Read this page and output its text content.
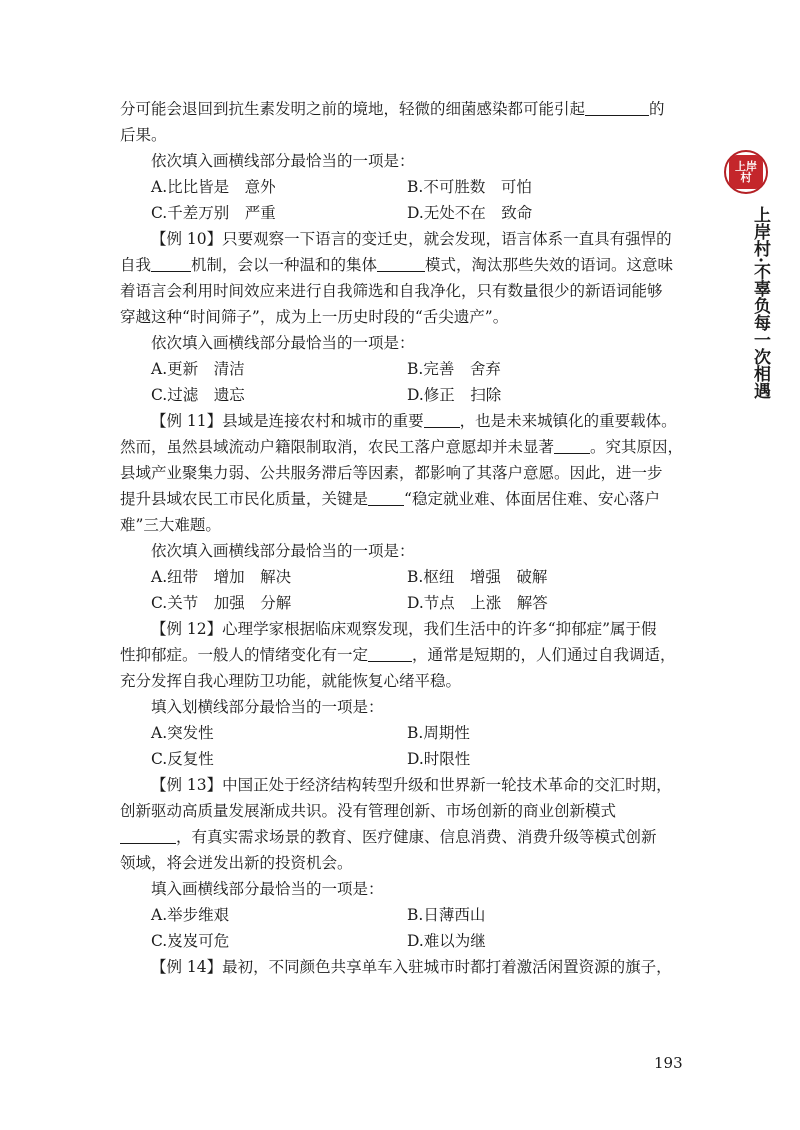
分可能会退回到抗生素发明之前的境地，轻微的细菌感染都可能引起	的
后果。
依次填入画横线部分最恰当的一项是：
A.比比皆是　意外	B.不可胜数　可怕
C.千差万别　严重	D.无处不在　致命
【例 10】只要观察一下语言的变迁史，就会发现，语言体系一直具有强悍的
自我	机制，会以一种温和的集体	模式，淘汰那些失效的语词。这意味
着语言会利用时间效应来进行自我筛选和自我净化，只有数量很少的新语词能够
穿越这种“时间筛子”，成为上一历史时段的“舌尖遗产”。
依次填入画横线部分最恰当的一项是：
A.更新　清洁	B.完善　舍弃
C.过滤　遗忘	D.修正　扫除
【例 11】县域是连接农村和城市的重要 ，也是未来城镇化的重要载体。
然而，虽然县域流动户籍限制取消，农民工落户意愿却并未显著 。究其原因，
县域产业聚集力弱、公共服务滞后等因素，都影响了其落户意愿。因此，进一步
提升县域农民工市民化质量，关键是 “稳定就业难、体面居住难、安心落户
难”三大难题。
依次填入画横线部分最恰当的一项是：
A.纽带　增加　解决	B.枢纽　增强　破解
C.关节　加强　分解	D.节点　上涨　解答
【例 12】心理学家根据临床观察发现，我们生活中的许多“抑郁症”属于假
性抑郁症。一般人的情绪变化有一定	，通常是短期的，人们通过自我调适，
充分发挥自我心理防卫功能，就能恢复心绪平稳。
填入划横线部分最恰当的一项是：
A.突发性	B.周期性
C.反复性	D.时限性
【例 13】中国正处于经济结构转型升级和世界新一轮技术革命的交汇时期，
创新驱动高质量发展渐成共识。没有管理创新、市场创新的商业创新模式
，有真实需求场景的教育、医疗健康、信息消费、消费升级等模式创新
领域，将会迸发出新的投资机会。
填入画横线部分最恰当的一项是：
A.举步维艰	B.日薄西山
C.岌岌可危	D.难以为继
【例 14】最初，不同颜色共享单车入驻城市时都打着激活闲置资源的旗子，
上岸
村
上岸村·不辜负每一次相遇
193
